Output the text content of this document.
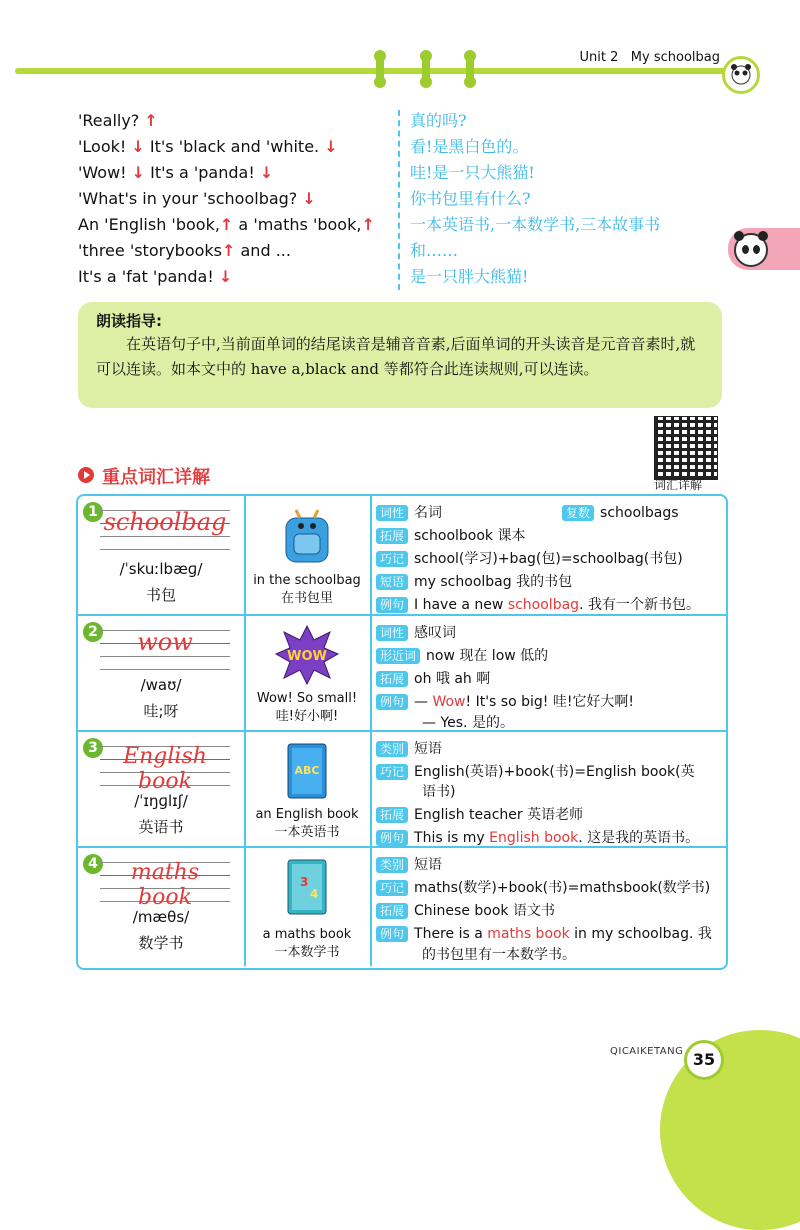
Unit 2 My schoolbag
'Really? ↑
'Look! ↓ It's 'black and 'white. ↓
'Wow! ↓ It's a 'panda! ↓
'What's in your 'schoolbag? ↓
An 'English 'book,↑ a 'maths 'book,↑
'three 'storybooks↑ and ...
It's a 'fat 'panda! ↓
真的吗?
看!是黑白色的。
哇!是一只大熊猫!
你书包里有什么?
一本英语书,一本数学书,三本故事书
和……
是一只胖大熊猫!
朗读指导:
在英语句子中,当前面单词的结尾读音是辅音音素,后面单词的开头读音是元音音素时,就可以连读。如本文中的 have a,black and 等都符合此连读规则,可以连读。
词汇详解
重点词汇详解
1 schoolbag
/ˈskuːlbæɡ/
书包
in the schoolbag
在书包里
词性 名词	复数 schoolbags
拓展 schoolbook 课本
巧记 school(学习)+bag(包)=schoolbag(书包)
短语 my schoolbag 我的书包
例句 I have a new schoolbag. 我有一个新书包。
2	wow
/waʊ/
哇;呀
WOW
Wow! So small!
哇!好小啊!
词性 感叹词
形近词 now 现在 low 低的
拓展 oh 哦 ah 啊
例句 — Wow! It's so big! 哇!它好大啊!
— Yes. 是的。
3	English book
/ˈɪŋɡlɪʃ/
英语书
ABC
an English book
一本英语书
类别 短语
巧记 English(英语)+book(书)=English book(英
语书)
拓展 English teacher 英语老师
例句 This is my English book. 这是我的英语书。
4	maths book
/mæθs/
数学书
3
4
a maths book
一本数学书
类别 短语
巧记 maths(数学)+book(书)=mathsbook(数学书)
拓展 Chinese book 语文书
例句 There is a maths book in my schoolbag. 我
的书包里有一本数学书。
QICAIKETANG 35
